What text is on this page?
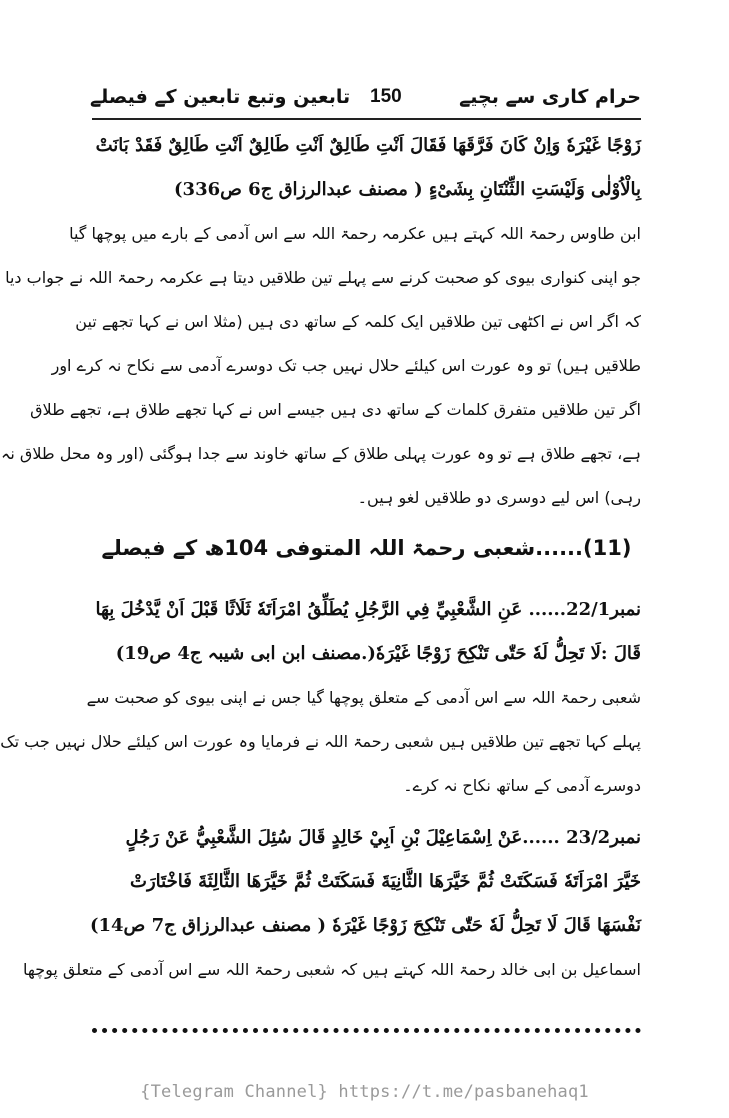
حرام کاری سے بچیے
150
تابعین وتبع تابعین کے فیصلے
زَوْجًا غَيْرَهٗ وَاِنْ كَانَ فَرَّقَهَا فَقَالَ اَنْتِ طَالِقٌ اَنْتِ طَالِقٌ اَنْتِ طَالِقٌ فَقَدْ بَانَتْ
بِالْاُوْلٰى وَلَيْسَتِ الثِّنْتَانِ بِشَىْءٍ ( مصنف عبدالرزاق ج6 ص336)
ابن طاوس رحمۃ اللہ کہتے ہیں عکرمہ رحمۃ اللہ سے اس آدمی کے بارے میں پوچھا گیا
جو اپنی کنواری بیوی کو صحبت کرنے سے پہلے تین طلاقیں دیتا ہے عکرمہ رحمۃ اللہ نے جواب دیا
کہ اگر اس نے اکٹھی تین طلاقیں ایک کلمہ کے ساتھ دی ہیں (مثلا اس نے کہا تجھے تین
طلاقیں ہیں) تو وہ عورت اس کیلئے حلال نہیں جب تک دوسرے آدمی سے نکاح نہ کرے اور
اگر تین طلاقیں متفرق کلمات کے ساتھ دی ہیں جیسے اس نے کہا تجھے طلاق ہے، تجھے طلاق
ہے، تجھے طلاق ہے تو وہ عورت پہلی طلاق کے ساتھ خاوند سے جدا ہوگئی (اور وہ محل طلاق نہ
رہی) اس لیے دوسری دو طلاقیں لغو ہیں۔
(11)......شعبی رحمۃ اللہ المتوفی 104ھ کے فیصلے
نمبر22/1...... عَنِ الشَّعْبِيِّ فِي الرَّجُلِ يُطَلِّقُ امْرَاَتَهٗ ثَلَاثًا قَبْلَ اَنْ يَّدْخُلَ بِهَا
قَالَ :لَا تَحِلُّ لَهٗ حَتّٰى تَنْكِحَ زَوْجًا غَيْرَهٗ(.مصنف ابن ابی شیبہ ج4 ص19)
شعبی رحمۃ اللہ سے اس آدمی کے متعلق پوچھا گیا جس نے اپنی بیوی کو صحبت سے
پہلے کہا تجھے تین طلاقیں ہیں شعبی رحمۃ اللہ نے فرمایا وہ عورت اس کیلئے حلال نہیں جب تک
دوسرے آدمی کے ساتھ نکاح نہ کرے۔
نمبر23/2 ......عَنْ اِسْمَاعِيْلَ بْنِ اَبِيْ خَالِدٍ قَالَ سُئِلَ الشَّعْبِيُّ عَنْ رَجُلٍ
خَيَّرَ امْرَاَتَهٗ فَسَكَتَتْ ثُمَّ خَيَّرَهَا الثَّانِيَةَ فَسَكَتَتْ ثُمَّ خَيَّرَهَا الثَّالِثَةَ فَاخْتَارَتْ
نَفْسَهَا قَالَ لَا تَحِلُّ لَهٗ حَتّٰى تَنْكِحَ زَوْجًا غَيْرَهٗ ( مصنف عبدالرزاق ج7 ص14)
اسماعیل بن ابی خالد رحمۃ اللہ کہتے ہیں کہ شعبی رحمۃ اللہ سے اس آدمی کے متعلق پوچھا
{Telegram Channel} https://t.me/pasbanehaq1
